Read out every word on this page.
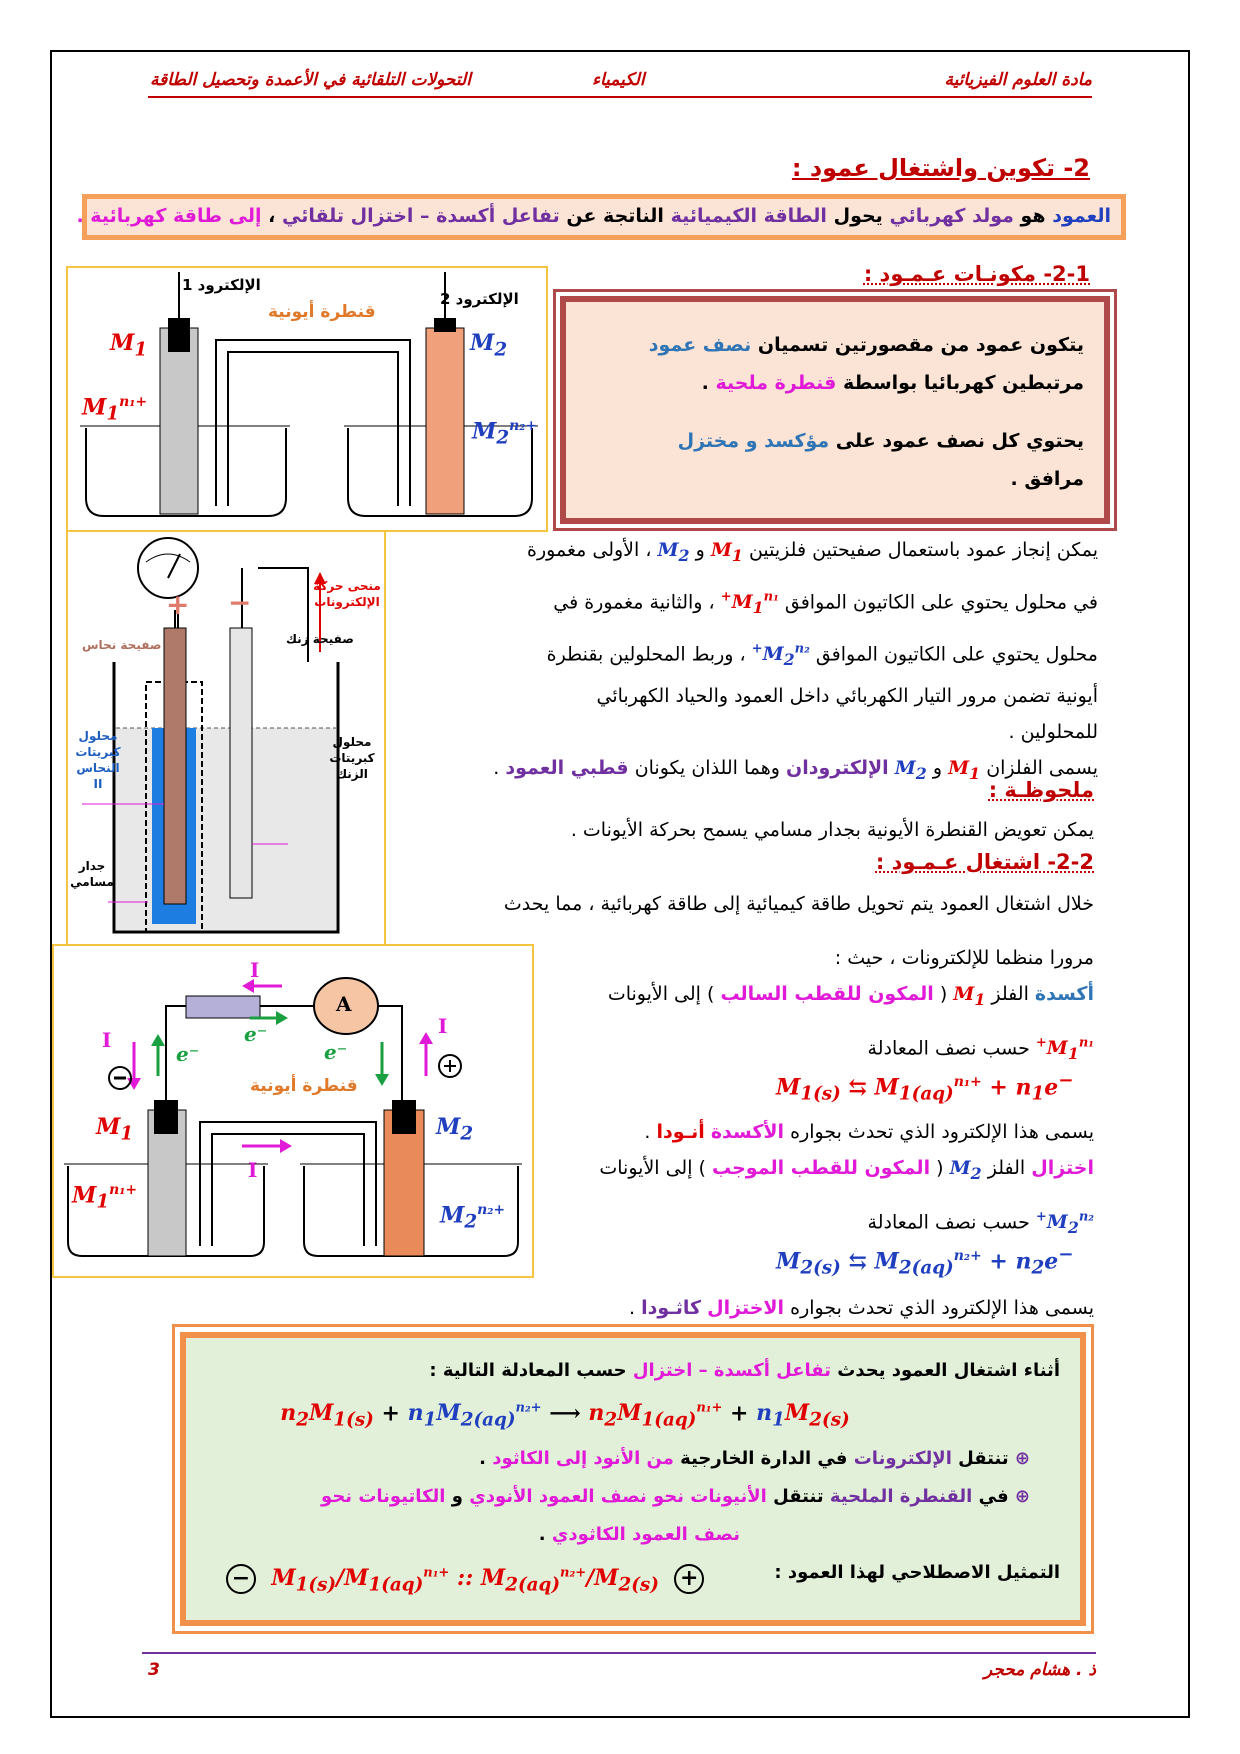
مادة العلوم الفيزيائية
الكيمياء
التحولات التلقائية في الأعمدة وتحصيل الطاقة
2- تكوين واشتغال عمود :
العمود هو مولد كهربائي يحول الطاقة الكيميائية الناتجة عن تفاعل أكسدة – اختزال تلقائي ، إلى طاقة كهربائية .
2-1- مكونـات عـمـود :
يتكون عمود من مقصورتين تسميان نصف عمود
مرتبطين كهربائيا بواسطة قنطرة ملحية .
يحتوي كل نصف عمود على مؤكسد و مختزل
مرافق .
الإلكترود 1
الإلكترود 2
قنطرة أيونية
$M_1$	$M_2$
$M_1^{n_1+}$
$M_2^{n_2+}$
منحى حركة الإلكترونات
+ −
صفيحة نحاس	صفيحة زنك
محلول كبريتات النحاس II
محلول كبريتات الزنك
جدار مسامي
يمكن إنجاز عمود باستعمال صفيحتين فلزيتين $M_1$ و $M_2$ ، الأولى مغمورة
في محلول يحتوي على الكاتيون الموافق $M_1^{n_1+}$ ، والثانية مغمورة في
محلول يحتوي على الكاتيون الموافق $M_2^{n_2+}$ ، وربط المحلولين بقنطرة
أيونية تضمن مرور التيار الكهربائي داخل العمود والحياد الكهربائي
للمحلولين .
يسمى الفلزان $M_1$ و $M_2$ الإلكترودان وهما اللذان يكونان قطبي العمود .
ملحوظـة :
يمكن تعويض القنطرة الأيونية بجدار مسامي يسمح بحركة الأيونات .
2-2- اشتغال عـمـود :
خلال اشتغال العمود يتم تحويل طاقة كيميائية إلى طاقة كهربائية ، مما يحدث
A
I
I
I
I
e⁻
e⁻	e⁻
قنطرة أيونية
$M_1$	$M_2$
$M_1^{n_1+}$
$M_2^{n_2+}$
مرورا منظما للإلكترونات ، حيث :
أكسدة الفلز $M_1$ ( المكون للقطب السالب ) إلى الأيونات
$M_1^{n_1+}$ حسب نصف المعادلة
$M_{1(s)}$ ⇆ $M_{1(aq)}^{n_1+} + n_1e^-$
يسمى هذا الإلكترود الذي تحدث بجواره الأكسدة أنـودا .
اختزال الفلز $M_2$ ( المكون للقطب الموجب ) إلى الأيونات
$M_2^{n_2+}$ حسب نصف المعادلة
$M_{2(s)}$ ⇆ $M_{2(aq)}^{n_2+} + n_2e^-$
يسمى هذا الإلكترود الذي تحدث بجواره الاختزال كاثـودا .
أثناء اشتغال العمود يحدث تفاعل أكسدة – اختزال حسب المعادلة التالية :
$n_2M_{1(s)} + n_1M_{2(aq)}^{n_2+}$ ⟶ $n_2M_{1(aq)}^{n_1+} + n_1M_{2(s)}$
⊕ تنتقل الإلكترونات في الدارة الخارجية من الأنود إلى الكاثود .
⊕ في القنطرة الملحية تنتقل الأنيونات نحو نصف العمود الأنودي و الكاتيونات نحو
نصف العمود الكاثودي .
التمثيل الاصطلاحي لهذا العمود :
−  $M_{1(s)}/M_{1(aq)}^{n_1+}$ :: $M_{2(aq)}^{n_2+}/M_{2(s)}$ +
ذ . هشام محجر
3
